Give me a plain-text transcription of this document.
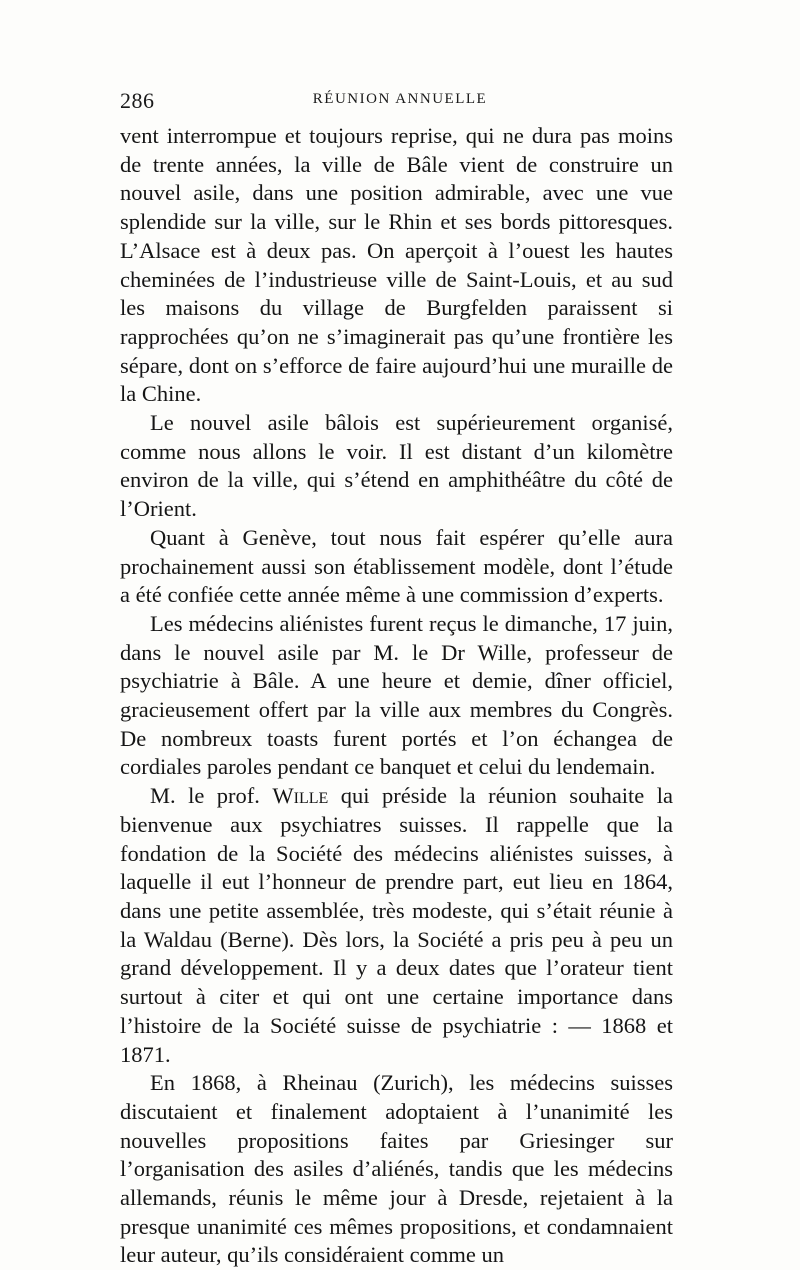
286	RÉUNION ANNUELLE

vent interrompue et toujours reprise, qui ne dura pas moins de trente années, la ville de Bâle vient de construire un nouvel asile, dans une position admirable, avec une vue splendide sur la ville, sur le Rhin et ses bords pittoresques. L’Alsace est à deux pas. On aperçoit à l’ouest les hautes cheminées de l’industrieuse ville de Saint-Louis, et au sud les maisons du village de Burgfelden paraissent si rapprochées qu’on ne s’imaginerait pas qu’une frontière les sépare, dont on s’efforce de faire aujourd’hui une muraille de la Chine.

Le nouvel asile bâlois est supérieurement organisé, comme nous allons le voir. Il est distant d’un kilomètre environ de la ville, qui s’étend en amphithéâtre du côté de l’Orient.

Quant à Genève, tout nous fait espérer qu’elle aura prochainement aussi son établissement modèle, dont l’étude a été confiée cette année même à une commission d’experts.

Les médecins aliénistes furent reçus le dimanche, 17 juin, dans le nouvel asile par M. le Dr Wille, professeur de psychiatrie à Bâle. A une heure et demie, dîner officiel, gracieusement offert par la ville aux membres du Congrès. De nombreux toasts furent portés et l’on échangea de cordiales paroles pendant ce banquet et celui du lendemain.

M. le prof. Wille qui préside la réunion souhaite la bienvenue aux psychiatres suisses. Il rappelle que la fondation de la Société des médecins aliénistes suisses, à laquelle il eut l’honneur de prendre part, eut lieu en 1864, dans une petite assemblée, très modeste, qui s’était réunie à la Waldau (Berne). Dès lors, la Société a pris peu à peu un grand développement. Il y a deux dates que l’orateur tient surtout à citer et qui ont une certaine importance dans l’histoire de la Société suisse de psychiatrie : — 1868 et 1871.

En 1868, à Rheinau (Zurich), les médecins suisses discutaient et finalement adoptaient à l’unanimité les nouvelles propositions faites par Griesinger sur l’organisation des asiles d’aliénés, tandis que les médecins allemands, réunis le même jour à Dresde, rejetaient à la presque unanimité ces mêmes propositions, et condamnaient leur auteur, qu’ils considéraient comme un
